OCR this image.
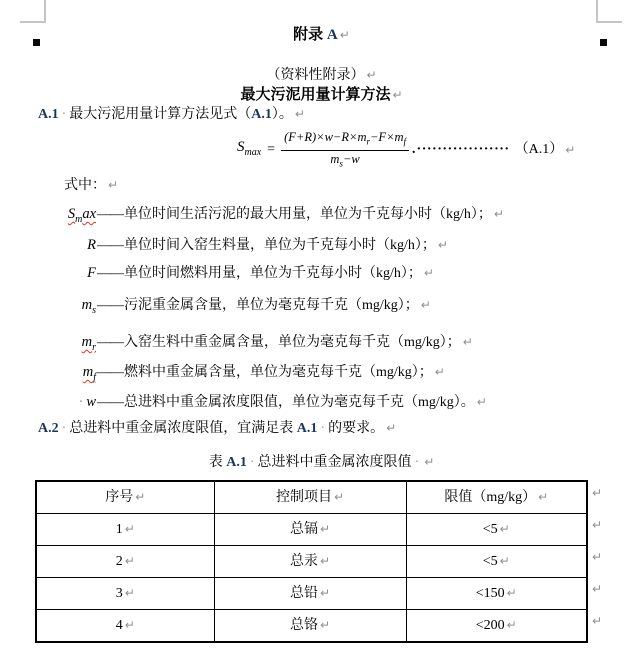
附录 A ↵
（资料性附录） ↵
最大污泥用量计算方法 ↵
A.1 · 最大污泥用量计算方法见式（A.1）。 ↵
$S_{max} = \frac{(F+R)\times w-R\times m_r-F\times m_f}{m_s-w}$ . ·················· （A.1） ↵
式中： ↵
$S_max——$单位时间生活污泥的最大用量，单位为千克每小时（kg/h）； ↵
R——单位时间入窑生料量，单位为千克每小时（kg/h）； ↵
F——单位时间燃料用量，单位为千克每小时（kg/h）； ↵
$m_s——$污泥重金属含量，单位为毫克每千克（mg/kg）； ↵
$m_r——$入窑生料中重金属含量，单位为毫克每千克（mg/kg）； ↵
$m_f——$燃料中重金属含量，单位为毫克每千克（mg/kg）； ↵
· w——总进料中重金属浓度限值，单位为毫克每千克（mg/kg）。 ↵
A.2 · 总进料中重金属浓度限值，宜满足表 A.1 · 的要求。 ↵
表 A.1 · 总进料中重金属浓度限值 · ↵
序号 ↵	控制项目 ↵	限值（mg/kg） ↵
1 ↵	总镉 ↵	<5 ↵
2 ↵	总汞 ↵	<5 ↵
3 ↵	总铅 ↵	<150 ↵
4 ↵	总铬 ↵	<200 ↵
↵
↵
↵
↵
↵
